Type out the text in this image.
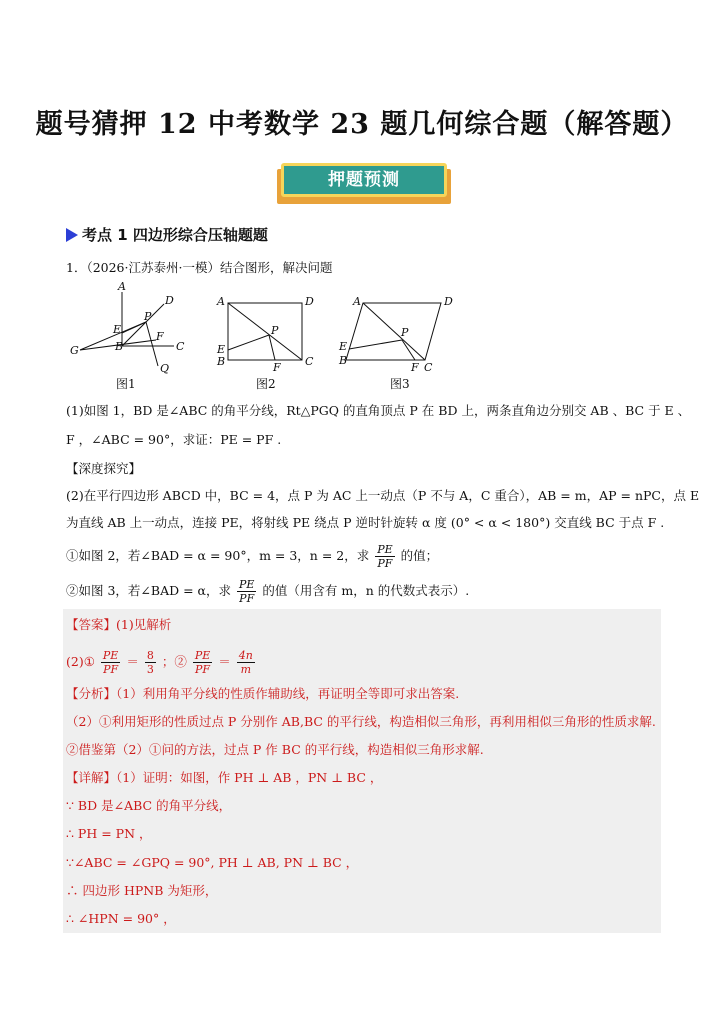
题号猜押 12 中考数学 23 题几何综合题（解答题）
押题预测
考点 1 四边形综合压轴题题
1．（2026·江苏泰州·一模）结合图形，解决问题
A
D
P
E
B
F
C
G
Q
A	D
P
E
B	F C
A	D
P
E
B
F C
图1	图2	图3
(1)如图 1，BD 是∠ABC 的角平分线，Rt△PGQ 的直角顶点 P 在 BD 上，两条直角边分别交 AB 、BC 于 E 、
F ，∠ABC = 90°，求证：PE = PF .
【深度探究】
(2)在平行四边形 ABCD 中，BC = 4，点 P 为 AC 上一动点（P 不与 A，C 重合），AB = m，AP = nPC，点 E
为直线 AB 上一动点，连接 PE，将射线 PE 绕点 P 逆时针旋转 α 度 (0° < α < 180°) 交直线 BC 于点 F .
①如图 2，若∠BAD = α = 90°，m = 3，n = 2，求 $\frac{PE}{PF}$ 的值；
②如图 3，若∠BAD = α，求 $\frac{PE}{PF}$ 的值（用含有 m，n 的代数式表示）.
【答案】(1)见解析
(2)① $\frac{PE}{PF} = \frac{8}{3}$ ；② $\frac{PE}{PF} = \frac{4n}{m}$
【分析】（1）利用角平分线的性质作辅助线，再证明全等即可求出答案.
（2）①利用矩形的性质过点 P 分别作 AB,BC 的平行线，构造相似三角形，再利用相似三角形的性质求解.
②借鉴第（2）①问的方法，过点 P 作 BC 的平行线，构造相似三角形求解.
【详解】（1）证明：如图，作 PH ⊥ AB ，PN ⊥ BC ，
∵ BD 是∠ABC 的角平分线，
∴ PH = PN ，
∵∠ABC = ∠GPQ = 90°, PH ⊥ AB, PN ⊥ BC ，
∴ 四边形 HPNB 为矩形，
∴ ∠HPN = 90° ，
